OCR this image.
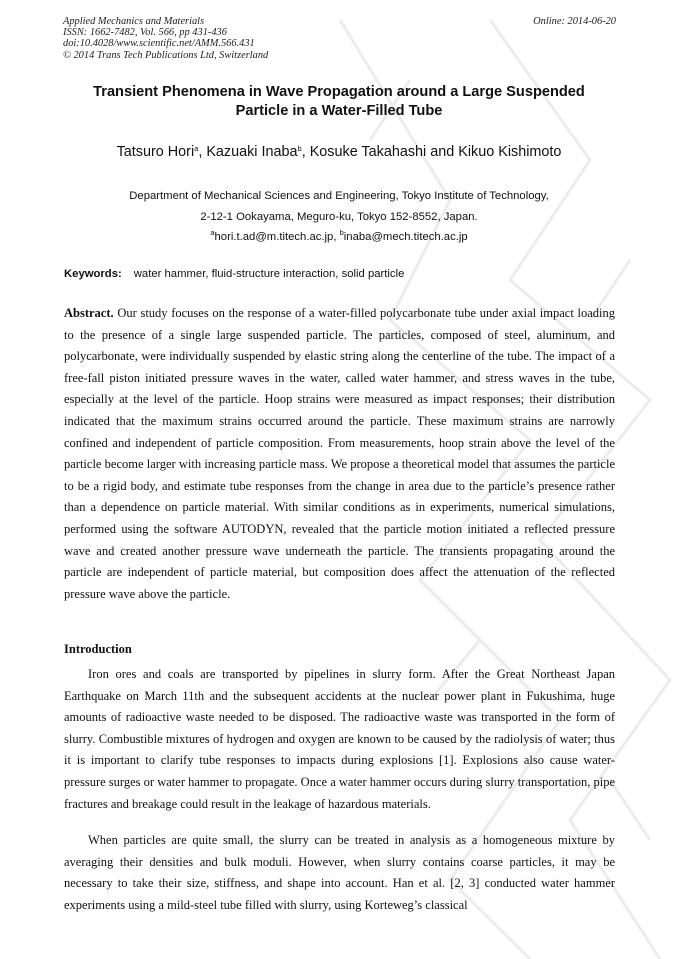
Applied Mechanics and Materials
ISSN: 1662-7482, Vol. 566, pp 431-436
doi:10.4028/www.scientific.net/AMM.566.431
© 2014 Trans Tech Publications Ltd, Switzerland
Online: 2014-06-20
Transient Phenomena in Wave Propagation around a Large Suspended
Particle in a Water-Filled Tube
Tatsuro Hori$^a$, Kazuaki Inaba$^b$, Kosuke Takahashi and Kikuo Kishimoto
Department of Mechanical Sciences and Engineering, Tokyo Institute of Technology,
2-12-1 Ookayama, Meguro-ku, Tokyo 152-8552, Japan.
$^a$hori.t.ad@m.titech.ac.jp, $^b$inaba@mech.titech.ac.jp
Keywords: water hammer, fluid-structure interaction, solid particle
Abstract. Our study focuses on the response of a water-filled polycarbonate tube under axial impact loading to the presence of a single large suspended particle. The particles, composed of steel, aluminum, and polycarbonate, were individually suspended by elastic string along the centerline of the tube. The impact of a free-fall piston initiated pressure waves in the water, called water hammer, and stress waves in the tube, especially at the level of the particle. Hoop strains were measured as impact responses; their distribution indicated that the maximum strains occurred around the particle. These maximum strains are narrowly confined and independent of particle composition. From measurements, hoop strain above the level of the particle become larger with increasing particle mass. We propose a theoretical model that assumes the particle to be a rigid body, and estimate tube responses from the change in area due to the particle’s presence rather than a dependence on particle material. With similar conditions as in experiments, numerical simulations, performed using the software AUTODYN, revealed that the particle motion initiated a reflected pressure wave and created another pressure wave underneath the particle. The transients propagating around the particle are independent of particle material, but composition does affect the attenuation of the reflected pressure wave above the particle.
Introduction
Iron ores and coals are transported by pipelines in slurry form. After the Great Northeast Japan Earthquake on March 11th and the subsequent accidents at the nuclear power plant in Fukushima, huge amounts of radioactive waste needed to be disposed. The radioactive waste was transported in the form of slurry. Combustible mixtures of hydrogen and oxygen are known to be caused by the radiolysis of water; thus it is important to clarify tube responses to impacts during explosions [1]. Explosions also cause water-pressure surges or water hammer to propagate. Once a water hammer occurs during slurry transportation, pipe fractures and breakage could result in the leakage of hazardous materials.
When particles are quite small, the slurry can be treated in analysis as a homogeneous mixture by averaging their densities and bulk moduli. However, when slurry contains coarse particles, it may be necessary to take their size, stiffness, and shape into account. Han et al. [2, 3] conducted water hammer experiments using a mild-steel tube filled with slurry, using Korteweg’s classical
